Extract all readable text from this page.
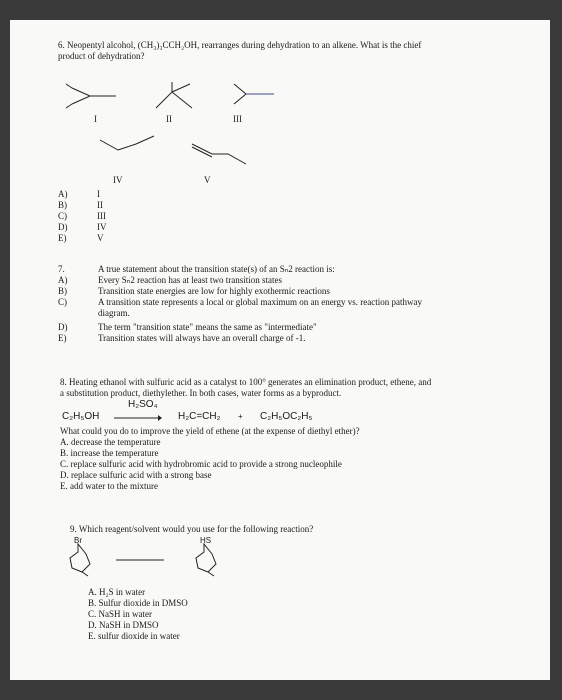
6. Neopentyl alcohol, (CH₃)₃CCH₂OH, rearranges during dehydration to an alkene. What is the chief
product of dehydration?
I	II	III
IV	V
A)	I
B)	II
C)	III
D)	IV
E)	V
7.	A true statement about the transition state(s) of an Sₙ2 reaction is:
A)	Every Sₙ2 reaction has at least two transition states
B)	Transition state energies are low for highly exothermic reactions
C)	A transition state represents a local or global maximum on an energy vs. reaction pathway
diagram.
D)	The term "transition state" means the same as "intermediate"
E)	Transition states will always have an overall charge of -1.
8. Heating ethanol with sulfuric acid as a catalyst to 100° generates an elimination product, ethene, and
a substitution product, diethylether. In both cases, water forms as a byproduct.
H₂SO₄
C₂H₅OH → H₂C=CH₂ + C₂H₅OC₂H₅
What could you do to improve the yield of ethene (at the expense of diethyl ether)?
A. decrease the temperature
B. increase the temperature
C. replace sulfuric acid with hydrobromic acid to provide a strong nucleophile
D. replace sulfuric acid with a strong base
E. add water to the mixture
9. Which reagent/solvent would you use for the following reaction?
Br	HS
A. H₂S in water
B. Sulfur dioxide in DMSO
C. NaSH in water
D. NaSH in DMSO
E. sulfur dioxide in water
